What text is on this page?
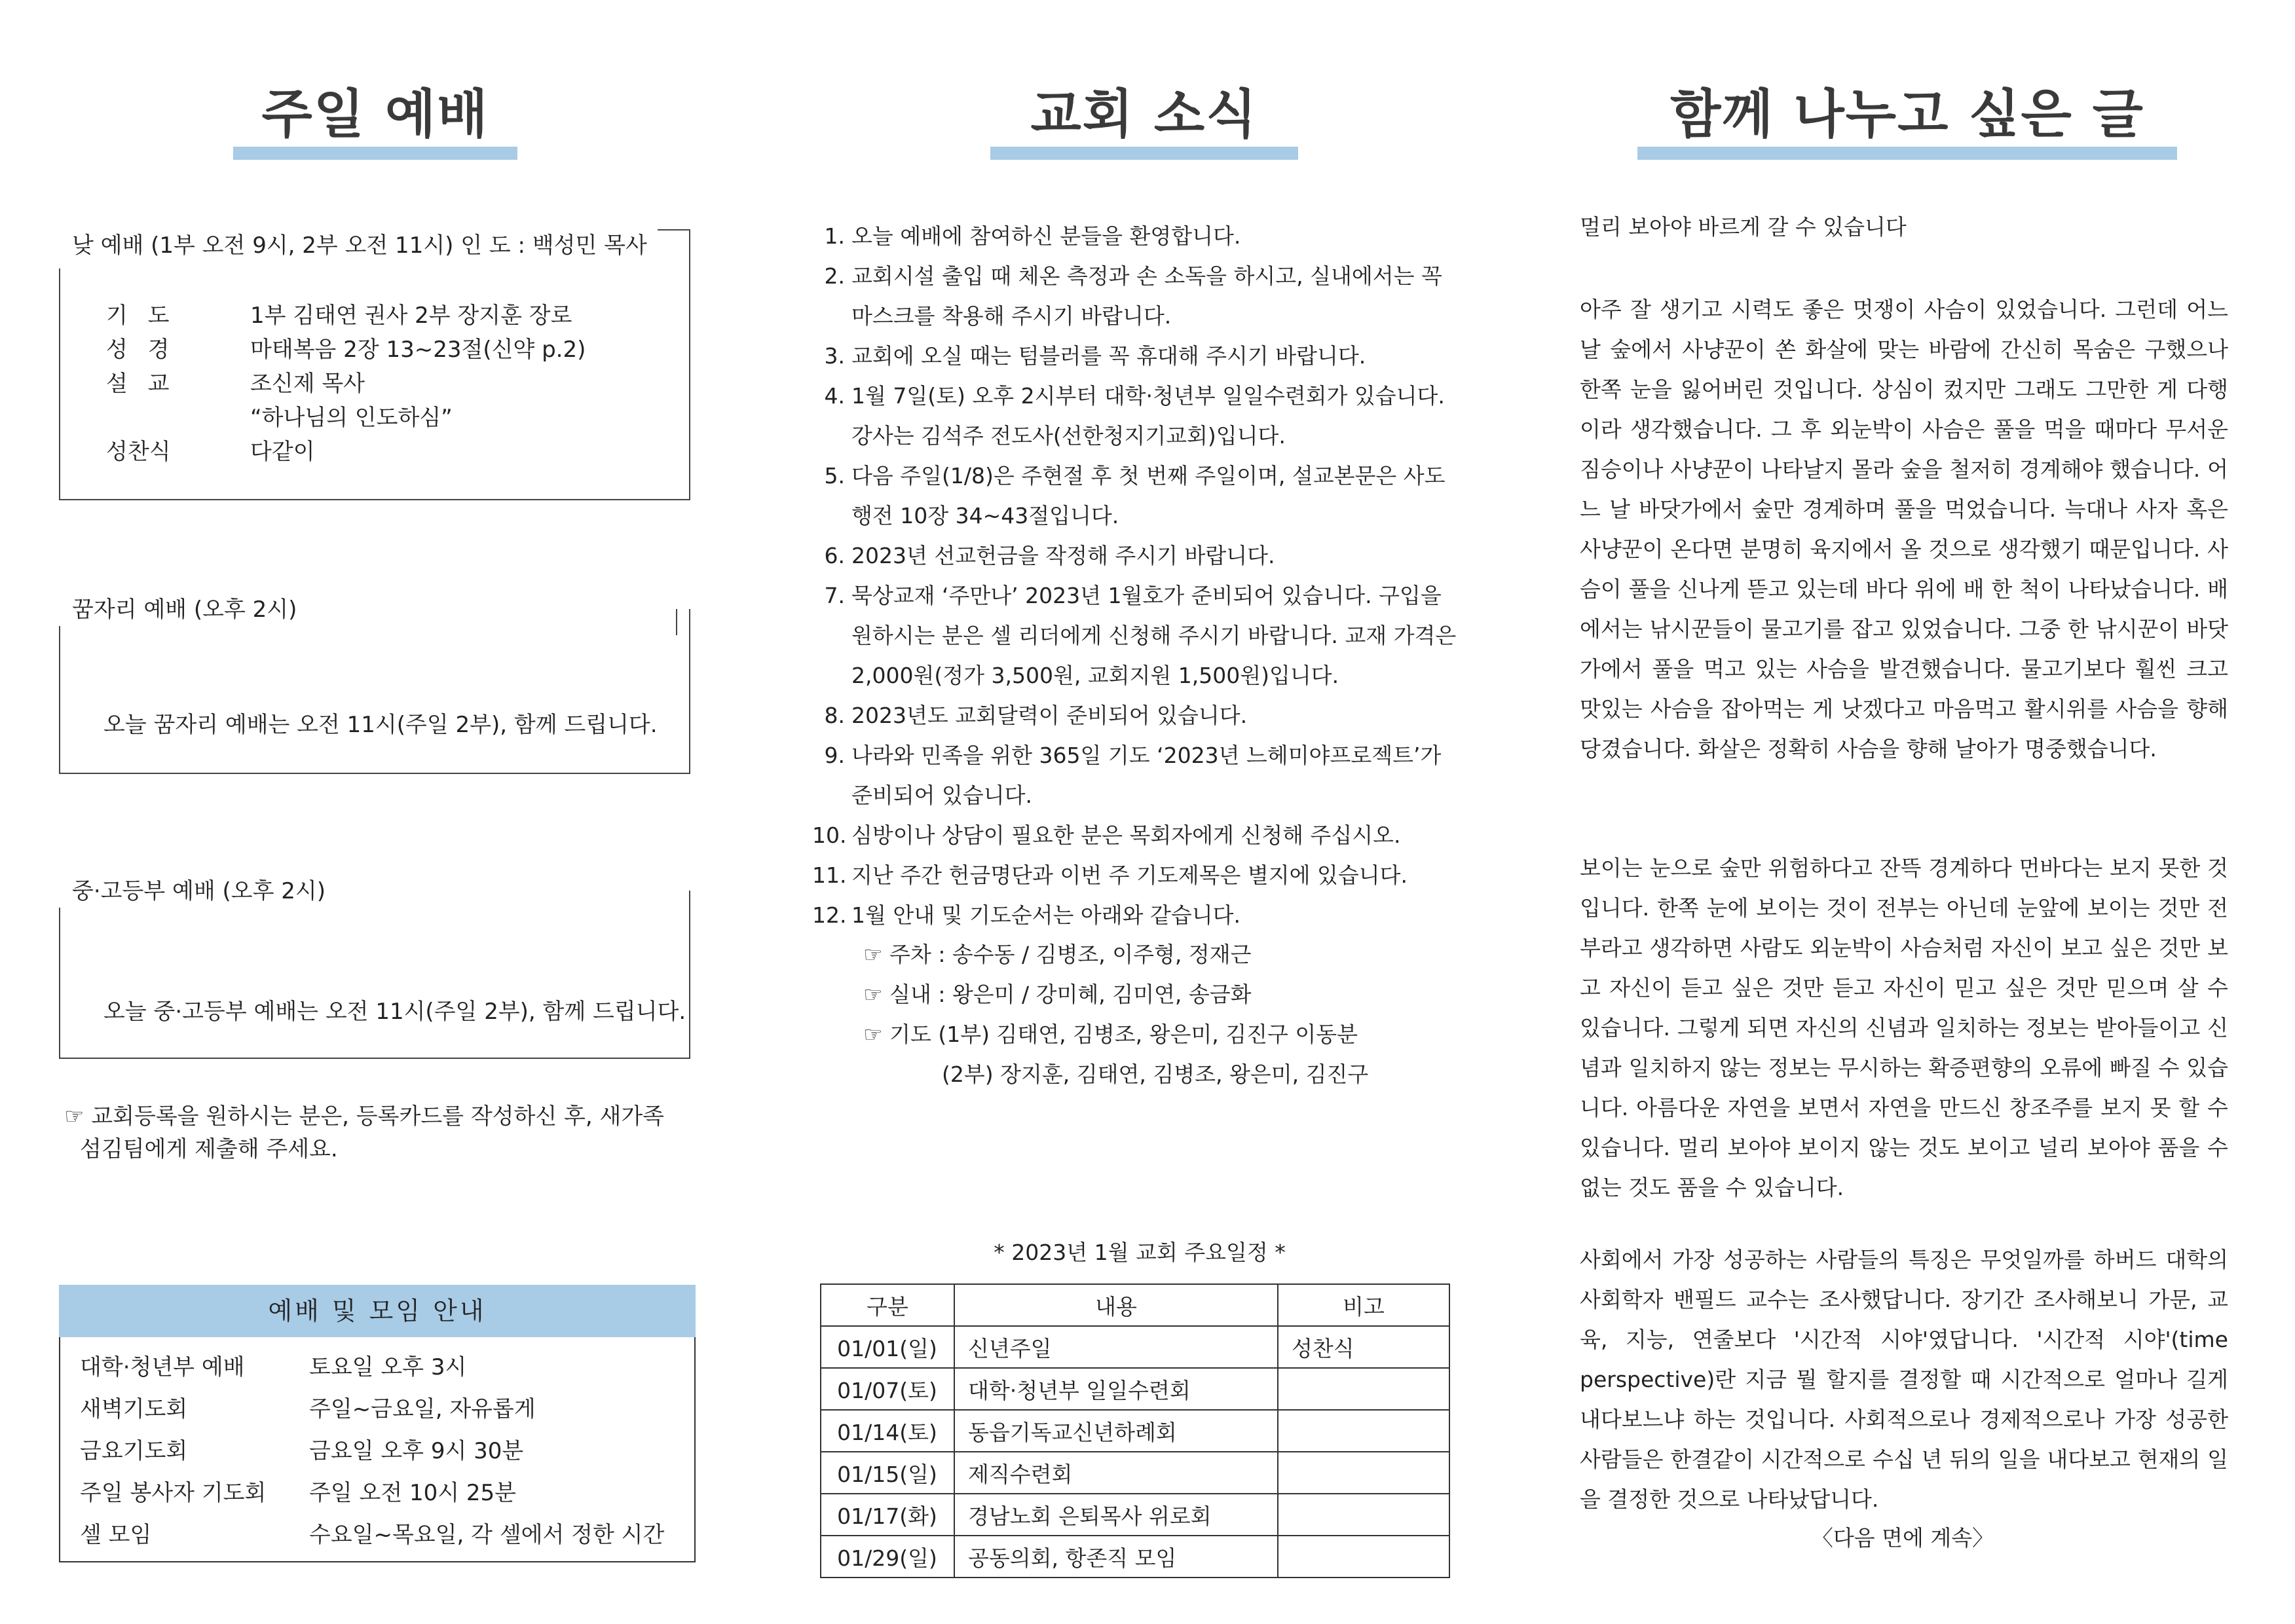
주일 예배
낮 예배 (1부 오전 9시, 2부 오전 11시) 인 도 : 백성민 목사
기 도	1부 김태연 권사 2부 장지훈 장로
성 경	마태복음 2장 13~23절(신약 p.2)
설 교	조신제 목사
“하나님의 인도하심”
성찬식	다같이
꿈자리 예배 (오후 2시)
오늘 꿈자리 예배는 오전 11시(주일 2부), 함께 드립니다.
중·고등부 예배 (오후 2시)
오늘 중·고등부 예배는 오전 11시(주일 2부), 함께 드립니다.
☞ 교회등록을 원하시는 분은, 등록카드를 작성하신 후, 새가족
섬김팀에게 제출해 주세요.
예배 및 모임 안내
대학·청년부 예배	토요일 오후 3시
새벽기도회	주일~금요일, 자유롭게
금요기도회	금요일 오후 9시 30분
주일 봉사자 기도회	주일 오전 10시 25분
셀 모임	수요일~목요일, 각 셀에서 정한 시간
교회 소식
1. 오늘 예배에 참여하신 분들을 환영합니다.
2. 교회시설 출입 때 체온 측정과 손 소독을 하시고, 실내에서는 꼭
마스크를 착용해 주시기 바랍니다.
3. 교회에 오실 때는 텀블러를 꼭 휴대해 주시기 바랍니다.
4. 1월 7일(토) 오후 2시부터 대학·청년부 일일수련회가 있습니다.
강사는 김석주 전도사(선한청지기교회)입니다.
5. 다음 주일(1/8)은 주현절 후 첫 번째 주일이며, 설교본문은 사도
행전 10장 34~43절입니다.
6. 2023년 선교헌금을 작정해 주시기 바랍니다.
7. 묵상교재 ‘주만나’ 2023년 1월호가 준비되어 있습니다. 구입을
원하시는 분은 셀 리더에게 신청해 주시기 바랍니다. 교재 가격은
2,000원(정가 3,500원, 교회지원 1,500원)입니다.
8. 2023년도 교회달력이 준비되어 있습니다.
9. 나라와 민족을 위한 365일 기도 ‘2023년 느헤미야프로젝트’가
준비되어 있습니다.
10. 심방이나 상담이 필요한 분은 목회자에게 신청해 주십시오.
11. 지난 주간 헌금명단과 이번 주 기도제목은 별지에 있습니다.
12. 1월 안내 및 기도순서는 아래와 같습니다.
☞ 주차 : 송수동 / 김병조, 이주형, 정재근
☞ 실내 : 왕은미 / 강미혜, 김미연, 송금화
☞ 기도 (1부) 김태연, 김병조, 왕은미, 김진구 이동분
(2부) 장지훈, 김태연, 김병조, 왕은미, 김진구
* 2023년 1월 교회 주요일정 *
구분	내용	비고
01/01(일)	신년주일	성찬식
01/07(토)	대학·청년부 일일수련회	
01/14(토)	동읍기독교신년하례회	
01/15(일)	제직수련회	
01/17(화)	경남노회 은퇴목사 위로회	
01/29(일)	공동의회, 항존직 모임	
함께 나누고 싶은 글
멀리 보아야 바르게 갈 수 있습니다

아주 잘 생기고 시력도 좋은 멋쟁이 사슴이 있었습니다. 그런데 어느 날 숲에서 사냥꾼이 쏜 화살에 맞는 바람에 간신히 목숨은 구했으나 한쪽 눈을 잃어버린 것입니다. 상심이 컸지만 그래도 그만한 게 다행이라 생각했습니다. 그 후 외눈박이 사슴은 풀을 먹을 때마다 무서운 짐승이나 사냥꾼이 나타날지 몰라 숲을 철저히 경계해야 했습니다. 어느 날 바닷가에서 숲만 경계하며 풀을 먹었습니다. 늑대나 사자 혹은 사냥꾼이 온다면 분명히 육지에서 올 것으로 생각했기 때문입니다. 사슴이 풀을 신나게 뜯고 있는데 바다 위에 배 한 척이 나타났습니다. 배에서는 낚시꾼들이 물고기를 잡고 있었습니다. 그중 한 낚시꾼이 바닷가에서 풀을 먹고 있는 사슴을 발견했습니다. 물고기보다 훨씬 크고 맛있는 사슴을 잡아먹는 게 낫겠다고 마음먹고 활시위를 사슴을 향해 당겼습니다. 화살은 정확히 사슴을 향해 날아가 명중했습니다.

보이는 눈으로 숲만 위험하다고 잔뜩 경계하다 먼바다는 보지 못한 것입니다. 한쪽 눈에 보이는 것이 전부는 아닌데 눈앞에 보이는 것만 전부라고 생각하면 사람도 외눈박이 사슴처럼 자신이 보고 싶은 것만 보고 자신이 듣고 싶은 것만 듣고 자신이 믿고 싶은 것만 믿으며 살 수 있습니다. 그렇게 되면 자신의 신념과 일치하는 정보는 받아들이고 신념과 일치하지 않는 정보는 무시하는 확증편향의 오류에 빠질 수 있습니다. 아름다운 자연을 보면서 자연을 만드신 창조주를 보지 못 할 수 있습니다. 멀리 보아야 보이지 않는 것도 보이고 널리 보아야 품을 수 없는 것도 품을 수 있습니다.

사회에서 가장 성공하는 사람들의 특징은 무엇일까를 하버드 대학의 사회학자 밴필드 교수는 조사했답니다. 장기간 조사해보니 가문, 교육, 지능, 연줄보다 '시간적 시야'였답니다. '시간적 시야'(time perspective)란 지금 뭘 할지를 결정할 때 시간적으로 얼마나 길게 내다보느냐 하는 것입니다. 사회적으로나 경제적으로나 가장 성공한 사람들은 한결같이 시간적으로 수십 년 뒤의 일을 내다보고 현재의 일을 결정한 것으로 나타났답니다.

〈다음 면에 계속〉
